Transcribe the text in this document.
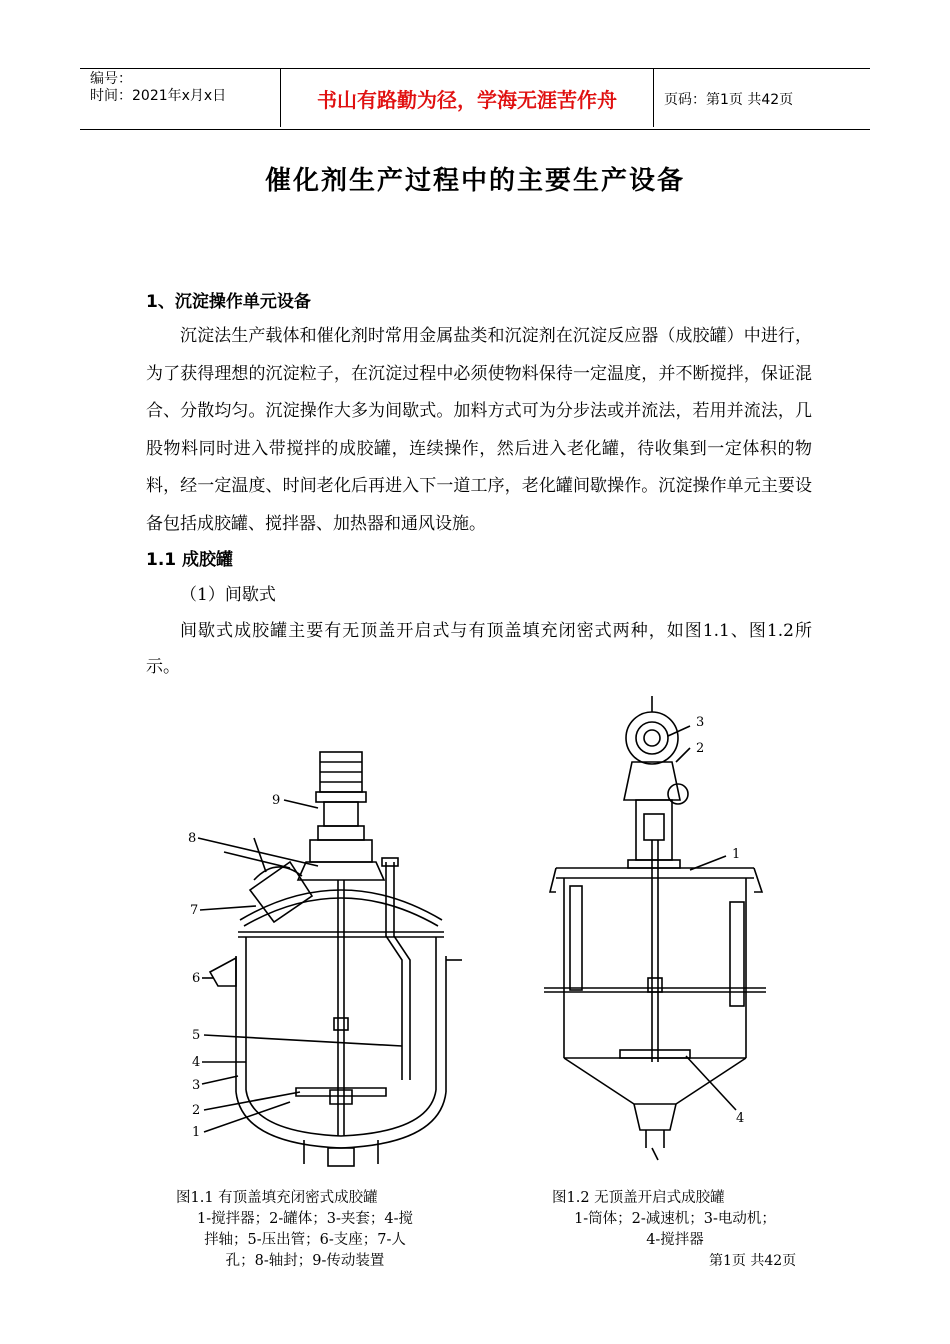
编号：
时间：2021年x月x日	书山有路勤为径，学海无涯苦作舟	页码：第1页 共42页
催化剂生产过程中的主要生产设备
1、沉淀操作单元设备
沉淀法生产载体和催化剂时常用金属盐类和沉淀剂在沉淀反应器（成胶罐）中进行，为了获得理想的沉淀粒子，在沉淀过程中必须使物料保待一定温度，并不断搅拌，保证混合、分散均匀。沉淀操作大多为间歇式。加料方式可为分步法或并流法，若用并流法，几股物料同时进入带搅拌的成胶罐，连续操作，然后进入老化罐，待收集到一定体积的物料，经一定温度、时间老化后再进入下一道工序，老化罐间歇操作。沉淀操作单元主要设备包括成胶罐、搅拌器、加热器和通风设施。
1.1 成胶罐
（1）间歇式
间歇式成胶罐主要有无顶盖开启式与有顶盖填充闭密式两种，如图1.1、图1.2所示。
9
8
7
6
5
4
3
2
1
3
2
1
4
图1.1 有顶盖填充闭密式成胶罐
1-搅拌器；2-罐体；3-夹套；4-搅
拌轴；5-压出管；6-支座；7-人
孔；8-轴封；9-传动装置
图1.2 无顶盖开启式成胶罐
1-筒体；2-减速机；3-电动机；
4-搅拌器
第1页 共42页
